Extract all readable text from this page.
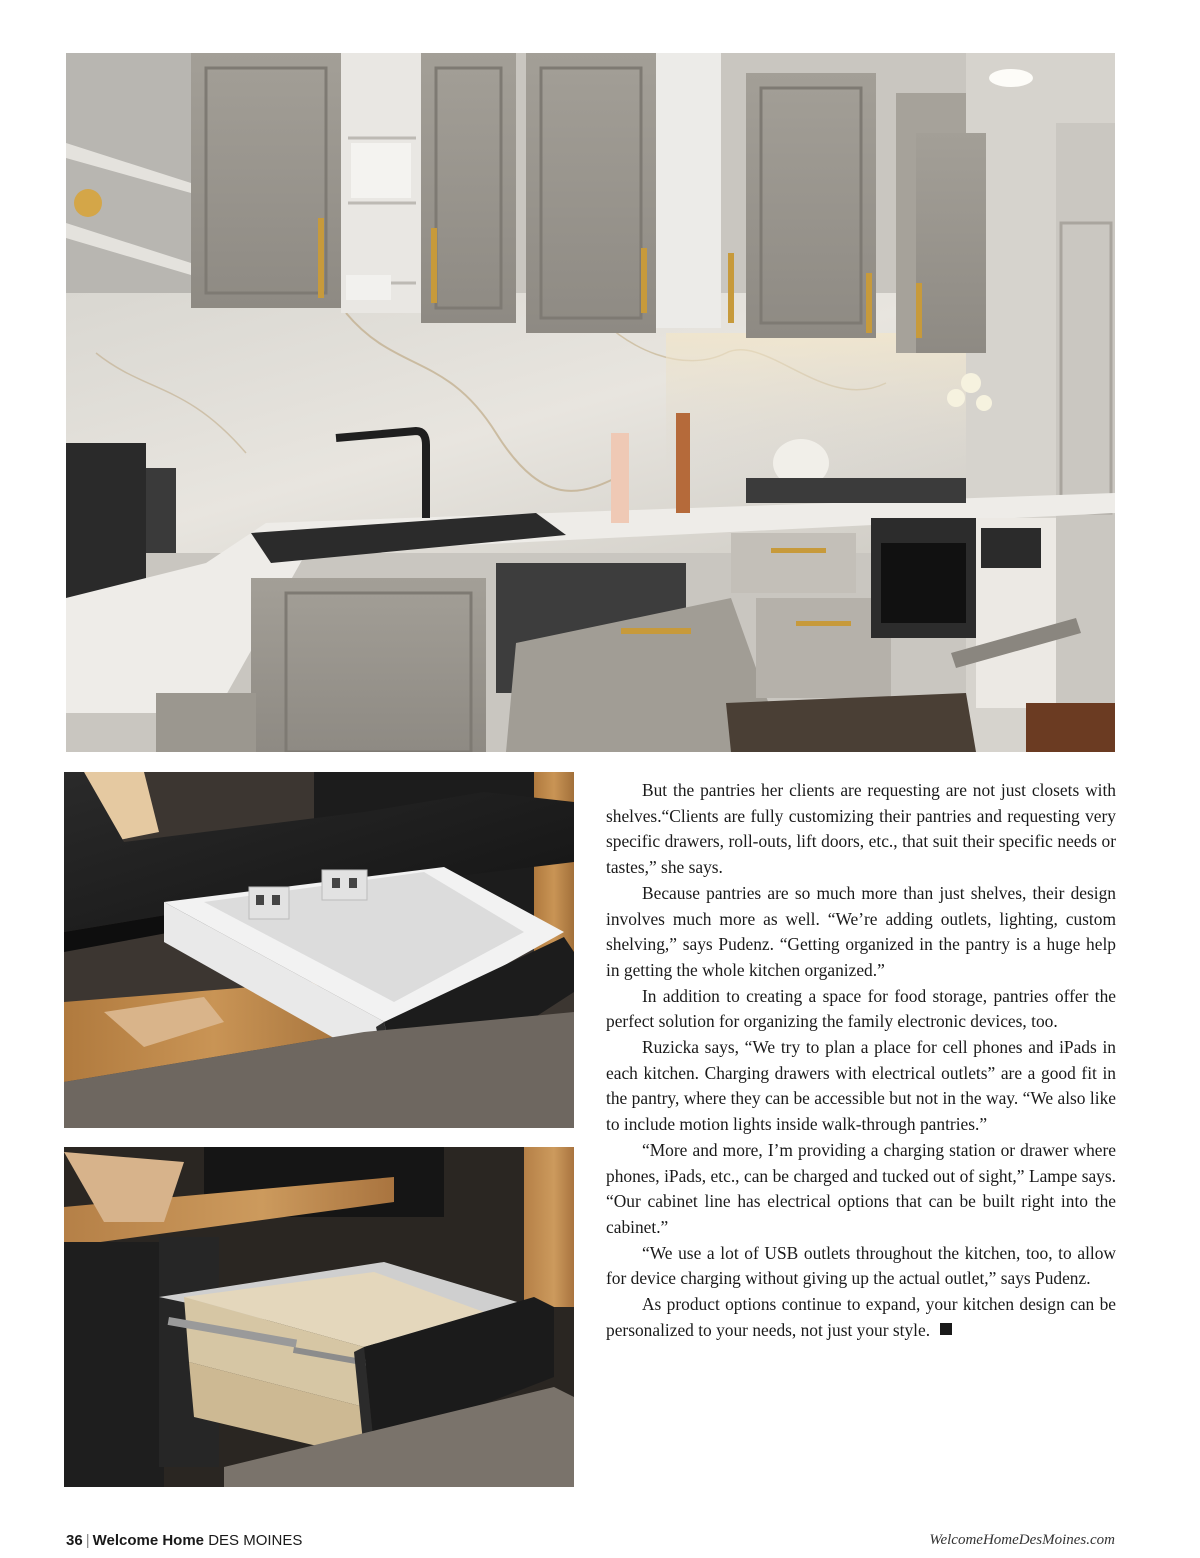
But the pantries her clients are requesting are not just closets with shelves.“Clients are fully customizing their pantries and requesting very specific drawers, roll-outs, lift doors, etc., that suit their specific needs or tastes,” she says.

Because pantries are so much more than just shelves, their design involves much more as well. “We’re adding outlets, lighting, custom shelving,” says Pudenz. “Getting organized in the pantry is a huge help in getting the whole kitchen organized.”

In addition to creating a space for food storage, pantries offer the perfect solution for organizing the family electronic devices, too.

Ruzicka says, “We try to plan a place for cell phones and iPads in each kitchen. Charging drawers with electrical outlets” are a good fit in the pantry, where they can be accessible but not in the way. “We also like to include motion lights inside walk-through pantries.”

“More and more, I’m providing a charging station or drawer where phones, iPads, etc., can be charged and tucked out of sight,” Lampe says. “Our cabinet line has electrical options that can be built right into the cabinet.”

“We use a lot of USB outlets throughout the kitchen, too, to allow for device charging without giving up the actual outlet,” says Pudenz.

As product options continue to expand, your kitchen design can be personalized to your needs, not just your style.

36 | Welcome Home DES MOINES	WelcomeHomeDesMoines.com
